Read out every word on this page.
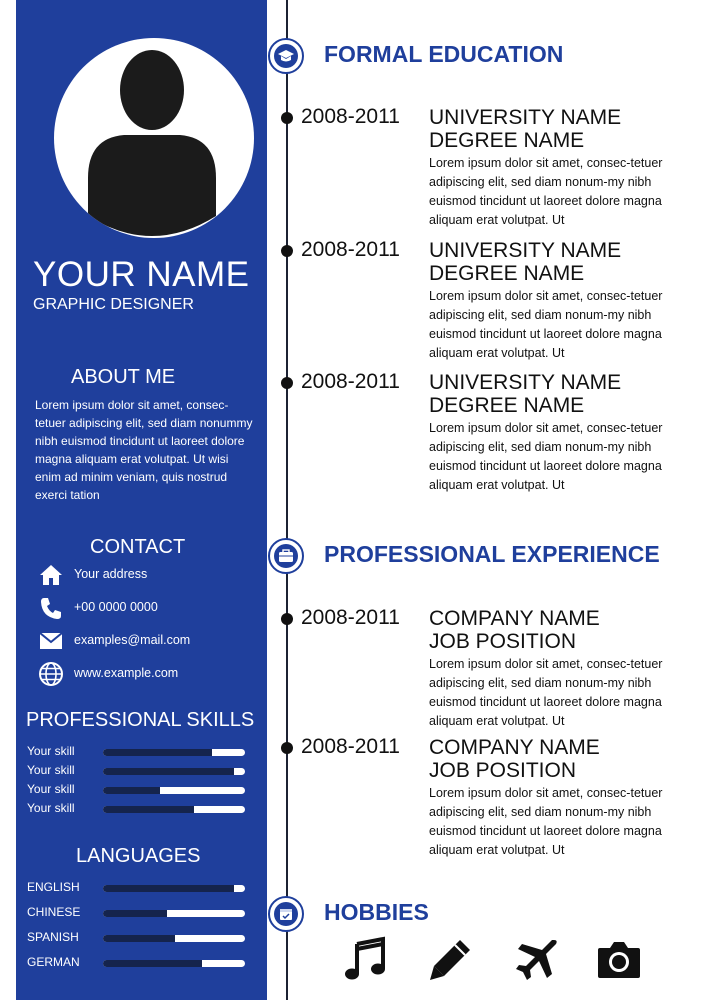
YOUR NAME
GRAPHIC DESIGNER
ABOUT ME
Lorem ipsum dolor sit amet, consec-tetuer adipiscing elit, sed diam nonummy nibh euismod tincidunt ut laoreet dolore magna aliquam erat volutpat. Ut wisi enim ad minim veniam, quis nostrud exerci tation
CONTACT
Your address
+00 0000 0000
examples@mail.com
www.example.com
PROFESSIONAL SKILLS
Your skill
Your skill
Your skill
Your skill
LANGUAGES
ENGLISH
CHINESE
SPANISH
GERMAN
FORMAL EDUCATION
2008-2011 UNIVERSITY NAME
DEGREE NAME
Lorem ipsum dolor sit amet, consec-tetuer adipiscing elit, sed diam nonum-my nibh euismod tincidunt ut laoreet dolore magna aliquam erat volutpat. Ut
2008-2011 UNIVERSITY NAME
DEGREE NAME
Lorem ipsum dolor sit amet, consec-tetuer adipiscing elit, sed diam nonum-my nibh euismod tincidunt ut laoreet dolore magna aliquam erat volutpat. Ut
2008-2011 UNIVERSITY NAME
DEGREE NAME
Lorem ipsum dolor sit amet, consec-tetuer adipiscing elit, sed diam nonum-my nibh euismod tincidunt ut laoreet dolore magna aliquam erat volutpat. Ut
PROFESSIONAL EXPERIENCE
2008-2011 COMPANY NAME
JOB POSITION
Lorem ipsum dolor sit amet, consec-tetuer adipiscing elit, sed diam nonum-my nibh euismod tincidunt ut laoreet dolore magna aliquam erat volutpat. Ut
2008-2011 COMPANY NAME
JOB POSITION
Lorem ipsum dolor sit amet, consec-tetuer adipiscing elit, sed diam nonum-my nibh euismod tincidunt ut laoreet dolore magna aliquam erat volutpat. Ut
HOBBIES
